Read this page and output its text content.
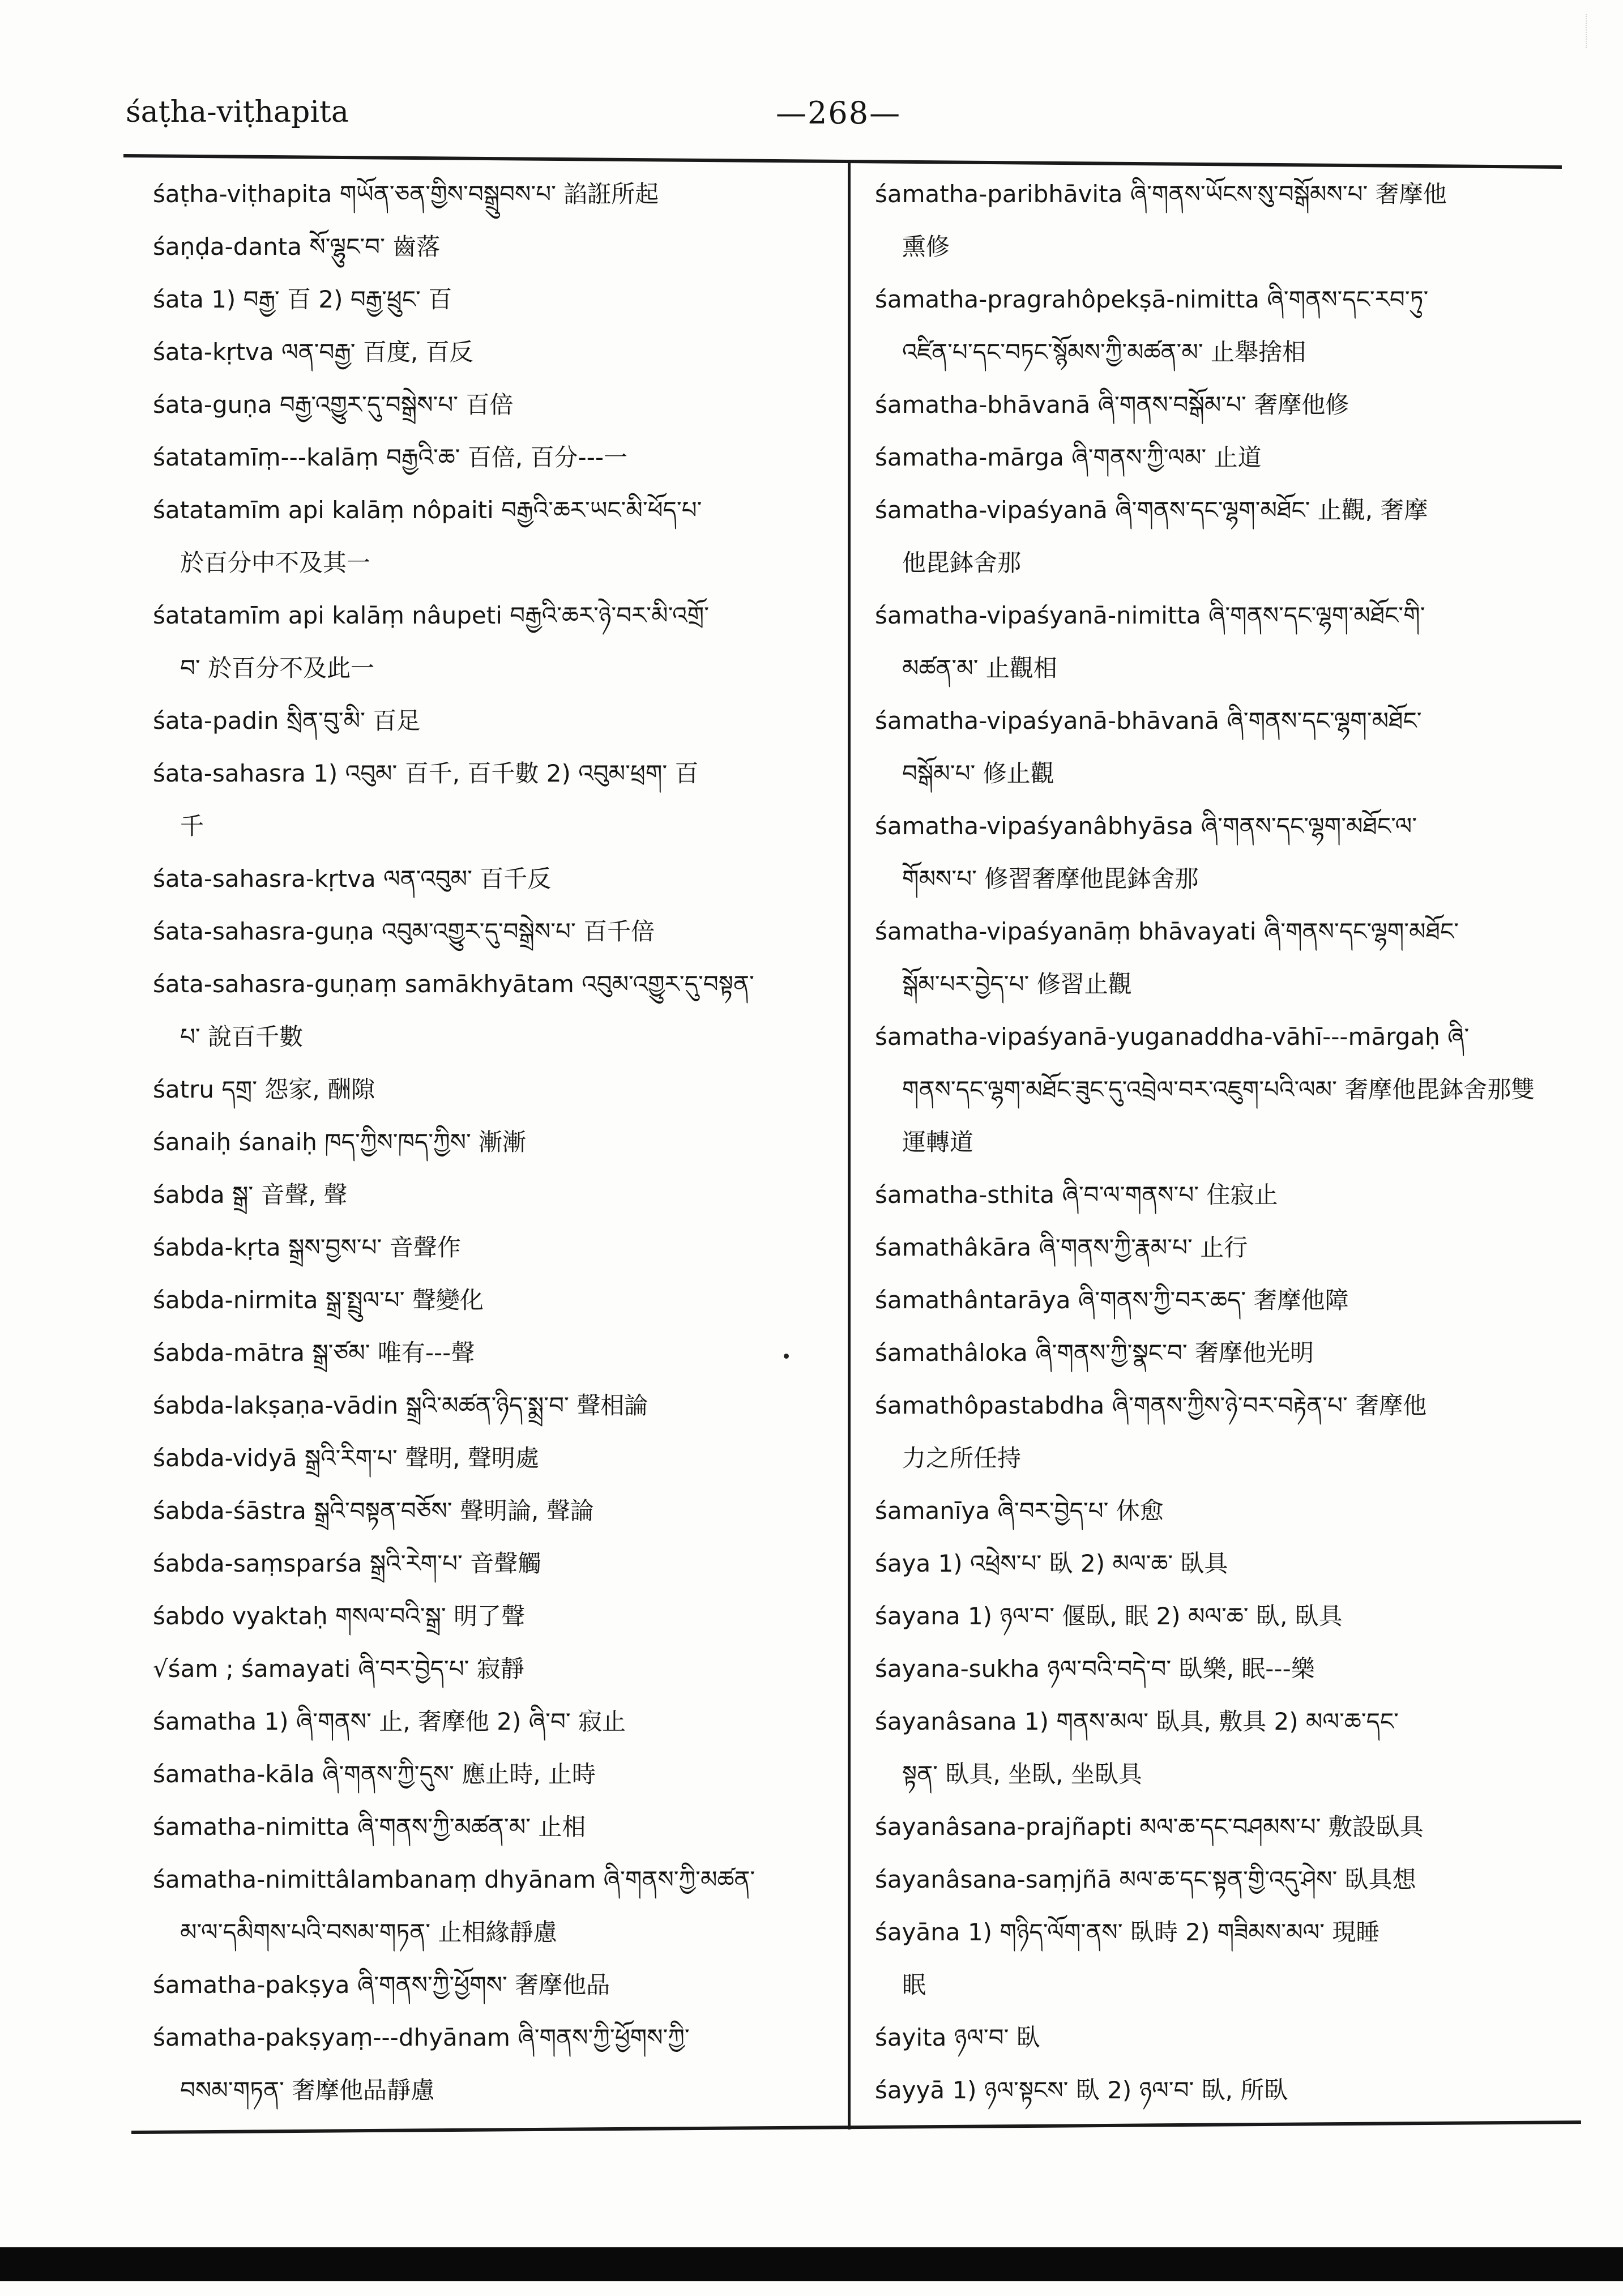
śaṭha-viṭhapita	—268—

śaṭha-viṭhapita གཡོན་ཅན་གྱིས་བསྒྲུབས་པ་ 諂誑所起

śaṇḍa-danta སོ་ལྷུང་བ་ 齒落

śata 1) བརྒྱ་ 百 2) བརྒྱ་ཕྲུང་ 百

śata-kṛtva ལན་བརྒྱ་ 百度, 百反

śata-guṇa བརྒྱ་འགྱུར་དུ་བསྒྲེས་པ་ 百倍

śatatamīṃ---kalāṃ བརྒྱའི་ཆ་ 百倍, 百分---一

śatatamīm api kalāṃ nôpaiti བརྒྱའི་ཆར་ཡང་མི་ཕོད་པ་
於百分中不及其一

śatatamīm api kalāṃ nâupeti བརྒྱའི་ཆར་ཉེ་བར་མི་འགྲོ་
བ་ 於百分不及此一

śata-padin སྲིན་བུ་མི་ 百足

śata-sahasra 1) འབུམ་ 百千, 百千數 2) འབུམ་ཕྲག་ 百
千

śata-sahasra-kṛtva ལན་འབུམ་ 百千反

śata-sahasra-guṇa འབུམ་འགྱུར་དུ་བསྒྲེས་པ་ 百千倍

śata-sahasra-guṇaṃ samākhyātam འབུམ་འགྱུར་དུ་བསྟན་
པ་ 說百千數

śatru དགྲ་ 怨家, 酬隙

śanaiḥ śanaiḥ ཁད་ཀྱིས་ཁད་ཀྱིས་ 漸漸

śabda སྒྲ་ 音聲, 聲

śabda-kṛta སྒྲས་བྱས་པ་ 音聲作

śabda-nirmita སྒྲ་སྤྲུལ་པ་ 聲變化

śabda-mātra སྒྲ་ཙམ་ 唯有---聲

śabda-lakṣaṇa-vādin སྒྲའི་མཚན་ཉིད་སྨྲ་བ་ 聲相論

śabda-vidyā སྒྲའི་རིག་པ་ 聲明, 聲明處

śabda-śāstra སྒྲའི་བསྟན་བཅོས་ 聲明論, 聲論

śabda-saṃsparśa སྒྲའི་རེག་པ་ 音聲觸

śabdo vyaktaḥ གསལ་བའི་སྒྲ་ 明了聲

√śam ; śamayati ཞི་བར་བྱེད་པ་ 寂靜

śamatha 1) ཞི་གནས་ 止, 奢摩他 2) ཞི་བ་ 寂止

śamatha-kāla ཞི་གནས་ཀྱི་དུས་ 應止時, 止時

śamatha-nimitta ཞི་གནས་ཀྱི་མཚན་མ་ 止相

śamatha-nimittâlambanaṃ dhyānam ཞི་གནས་ཀྱི་མཚན་
མ་ལ་དམིགས་པའི་བསམ་གཏན་ 止相緣靜慮

śamatha-pakṣya ཞི་གནས་ཀྱི་ཕྱོགས་ 奢摩他品

śamatha-pakṣyaṃ---dhyānam ཞི་གནས་ཀྱི་ཕྱོགས་ཀྱི་
བསམ་གཏན་ 奢摩他品靜慮

śamatha-paribhāvita ཞི་གནས་ཡོངས་སུ་བསྒོམས་པ་ 奢摩他
熏修

śamatha-pragrahôpekṣā-nimitta ཞི་གནས་དང་རབ་ཏུ་
འཛིན་པ་དང་བཏང་སྙོམས་ཀྱི་མཚན་མ་ 止舉捨相

śamatha-bhāvanā ཞི་གནས་བསྒོམ་པ་ 奢摩他修

śamatha-mārga ཞི་གནས་ཀྱི་ལམ་ 止道

śamatha-vipaśyanā ཞི་གནས་དང་ལྷག་མཐོང་ 止觀, 奢摩
他毘鉢舍那

śamatha-vipaśyanā-nimitta ཞི་གནས་དང་ལྷག་མཐོང་གི་
མཚན་མ་ 止觀相

śamatha-vipaśyanā-bhāvanā ཞི་གནས་དང་ལྷག་མཐོང་
བསྒོམ་པ་ 修止觀

śamatha-vipaśyanâbhyāsa ཞི་གནས་དང་ལྷག་མཐོང་ལ་
གོམས་པ་ 修習奢摩他毘鉢舍那

śamatha-vipaśyanāṃ bhāvayati ཞི་གནས་དང་ལྷག་མཐོང་
སྒོམ་པར་བྱེད་པ་ 修習止觀

śamatha-vipaśyanā-yuganaddha-vāhī---mārgaḥ ཞི་
གནས་དང་ལྷག་མཐོང་ཟུང་དུ་འབྲེལ་བར་འཇུག་པའི་ལམ་ 奢摩他毘鉢舍那雙運轉道

śamatha-sthita ཞི་བ་ལ་གནས་པ་ 住寂止

śamathâkāra ཞི་གནས་ཀྱི་རྣམ་པ་ 止行

śamathântarāya ཞི་གནས་ཀྱི་བར་ཆད་ 奢摩他障

śamathâloka ཞི་གནས་ཀྱི་སྣང་བ་ 奢摩他光明

śamathôpastabdha ཞི་གནས་ཀྱིས་ཉེ་བར་བརྟེན་པ་ 奢摩他
力之所任持

śamanīya ཞི་བར་བྱེད་པ་ 休愈

śaya 1) འཕྲེས་པ་ 臥 2) མལ་ཆ་ 臥具

śayana 1) ཉལ་བ་ 偃臥, 眠 2) མལ་ཆ་ 臥, 臥具

śayana-sukha ཉལ་བའི་བདེ་བ་ 臥樂, 眠---樂

śayanâsana 1) གནས་མལ་ 臥具, 敷具 2) མལ་ཆ་དང་
སྟན་ 臥具, 坐臥, 坐臥具

śayanâsana-prajñapti མལ་ཆ་དང་བཤམས་པ་ 敷設臥具

śayanâsana-saṃjñā མལ་ཆ་དང་སྟན་གྱི་འདུ་ཤེས་ 臥具想

śayāna 1) གཉིད་ལོག་ནས་ 臥時 2) གཟིམས་མལ་ 現睡
眠

śayita ཉལ་བ་ 臥

śayyā 1) ཉལ་སྟངས་ 臥 2) ཉལ་བ་ 臥, 所臥
